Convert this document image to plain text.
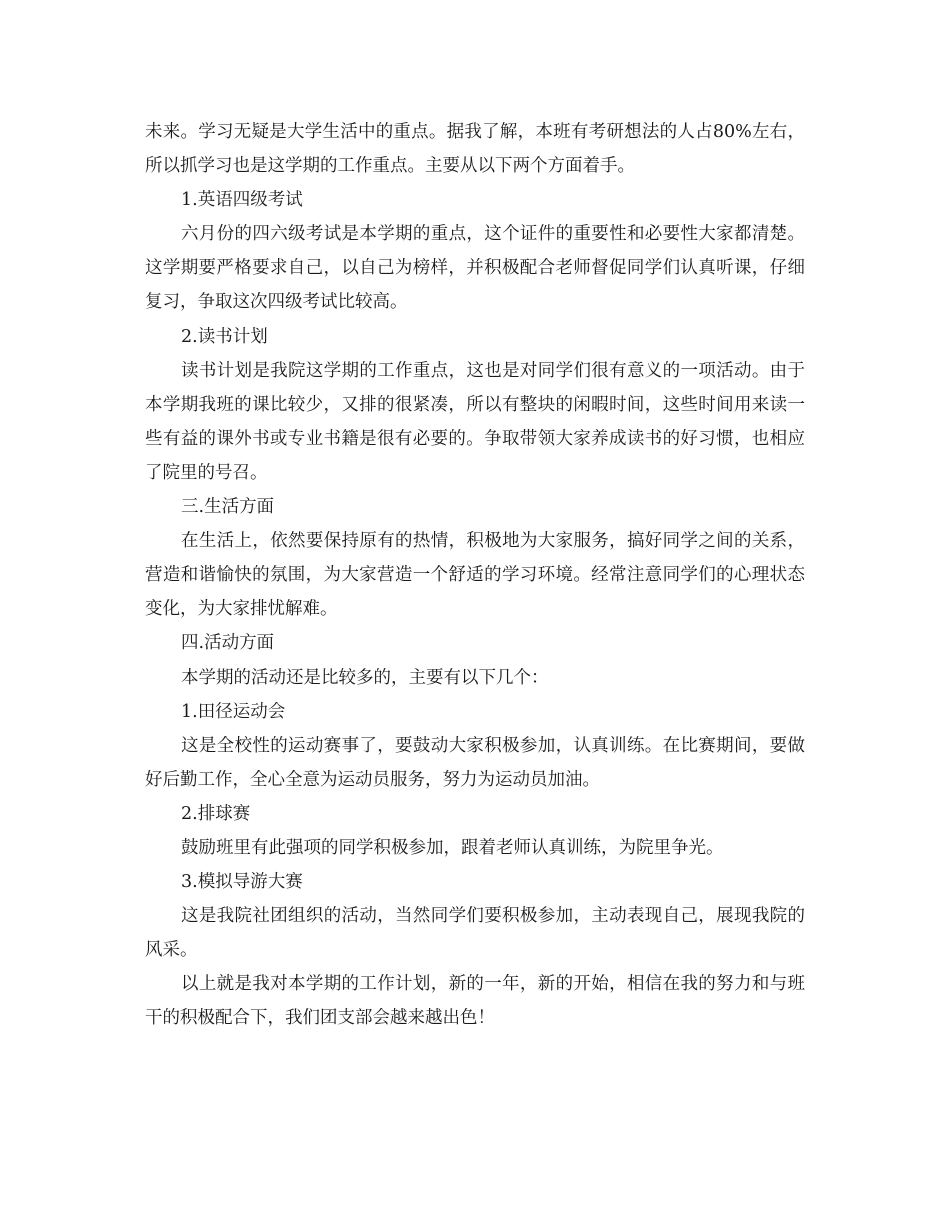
未来。学习无疑是大学生活中的重点。据我了解，本班有考研想法的人占80%左右，所以抓学习也是这学期的工作重点。主要从以下两个方面着手。

1.英语四级考试

六月份的四六级考试是本学期的重点，这个证件的重要性和必要性大家都清楚。这学期要严格要求自己，以自己为榜样，并积极配合老师督促同学们认真听课，仔细复习，争取这次四级考试比较高。

2.读书计划

读书计划是我院这学期的工作重点，这也是对同学们很有意义的一项活动。由于本学期我班的课比较少，又排的很紧凑，所以有整块的闲暇时间，这些时间用来读一些有益的课外书或专业书籍是很有必要的。争取带领大家养成读书的好习惯，也相应了院里的号召。

三.生活方面

在生活上，依然要保持原有的热情，积极地为大家服务，搞好同学之间的关系，营造和谐愉快的氛围，为大家营造一个舒适的学习环境。经常注意同学们的心理状态变化，为大家排忧解难。

四.活动方面

本学期的活动还是比较多的，主要有以下几个：

1.田径运动会

这是全校性的运动赛事了，要鼓动大家积极参加，认真训练。在比赛期间，要做好后勤工作，全心全意为运动员服务，努力为运动员加油。

2.排球赛

鼓励班里有此强项的同学积极参加，跟着老师认真训练，为院里争光。

3.模拟导游大赛

这是我院社团组织的活动，当然同学们要积极参加，主动表现自己，展现我院的风采。

以上就是我对本学期的工作计划，新的一年，新的开始，相信在我的努力和与班干的积极配合下，我们团支部会越来越出色！
